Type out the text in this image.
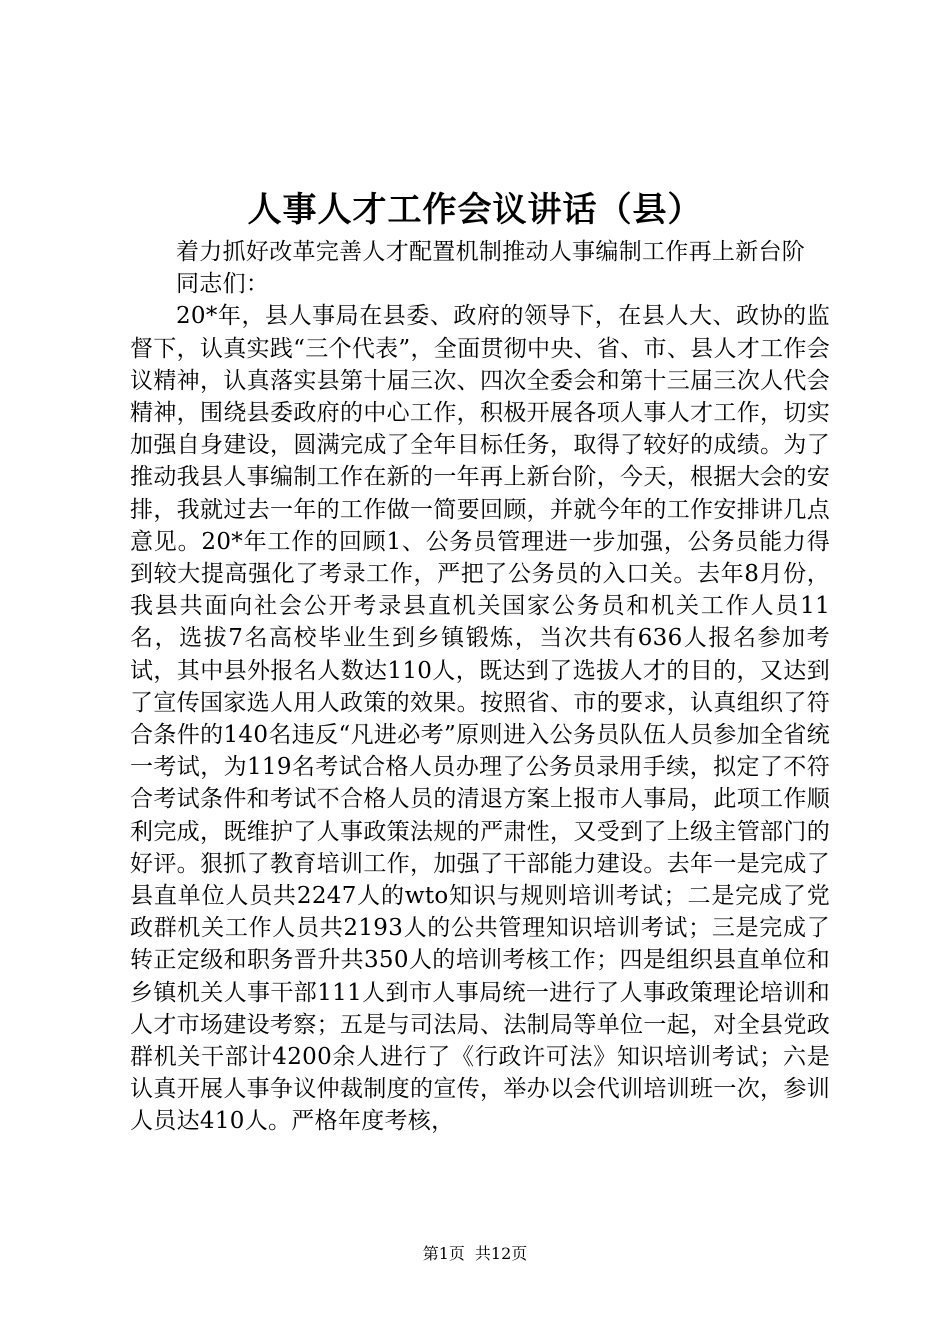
人事人才工作会议讲话（县）

着力抓好改革完善人才配置机制推动人事编制工作再上新台阶

同志们：

20*年，县人事局在县委、政府的领导下，在县人大、政协的监督下，认真实践“三个代表”，全面贯彻中央、省、市、县人才工作会议精神，认真落实县第十届三次、四次全委会和第十三届三次人代会精神，围绕县委政府的中心工作，积极开展各项人事人才工作，切实加强自身建设，圆满完成了全年目标任务，取得了较好的成绩。为了推动我县人事编制工作在新的一年再上新台阶，今天，根据大会的安排，我就过去一年的工作做一简要回顾，并就今年的工作安排讲几点意见。20*年工作的回顾1、公务员管理进一步加强，公务员能力得到较大提高强化了考录工作，严把了公务员的入口关。去年8月份，我县共面向社会公开考录县直机关国家公务员和机关工作人员11名，选拔7名高校毕业生到乡镇锻炼，当次共有636人报名参加考试，其中县外报名人数达110人，既达到了选拔人才的目的，又达到了宣传国家选人用人政策的效果。按照省、市的要求，认真组织了符合条件的140名违反“凡进必考”原则进入公务员队伍人员参加全省统一考试，为119名考试合格人员办理了公务员录用手续，拟定了不符合考试条件和考试不合格人员的清退方案上报市人事局，此项工作顺利完成，既维护了人事政策法规的严肃性，又受到了上级主管部门的好评。狠抓了教育培训工作，加强了干部能力建设。去年一是完成了县直单位人员共2247人的wto知识与规则培训考试；二是完成了党政群机关工作人员共2193人的公共管理知识培训考试；三是完成了转正定级和职务晋升共350人的培训考核工作；四是组织县直单位和乡镇机关人事干部111人到市人事局统一进行了人事政策理论培训和人才市场建设考察；五是与司法局、法制局等单位一起，对全县党政群机关干部计4200余人进行了《行政许可法》知识培训考试；六是认真开展人事争议仲裁制度的宣传，举办以会代训培训班一次，参训人员达410人。严格年度考核，

第1页 共12页
